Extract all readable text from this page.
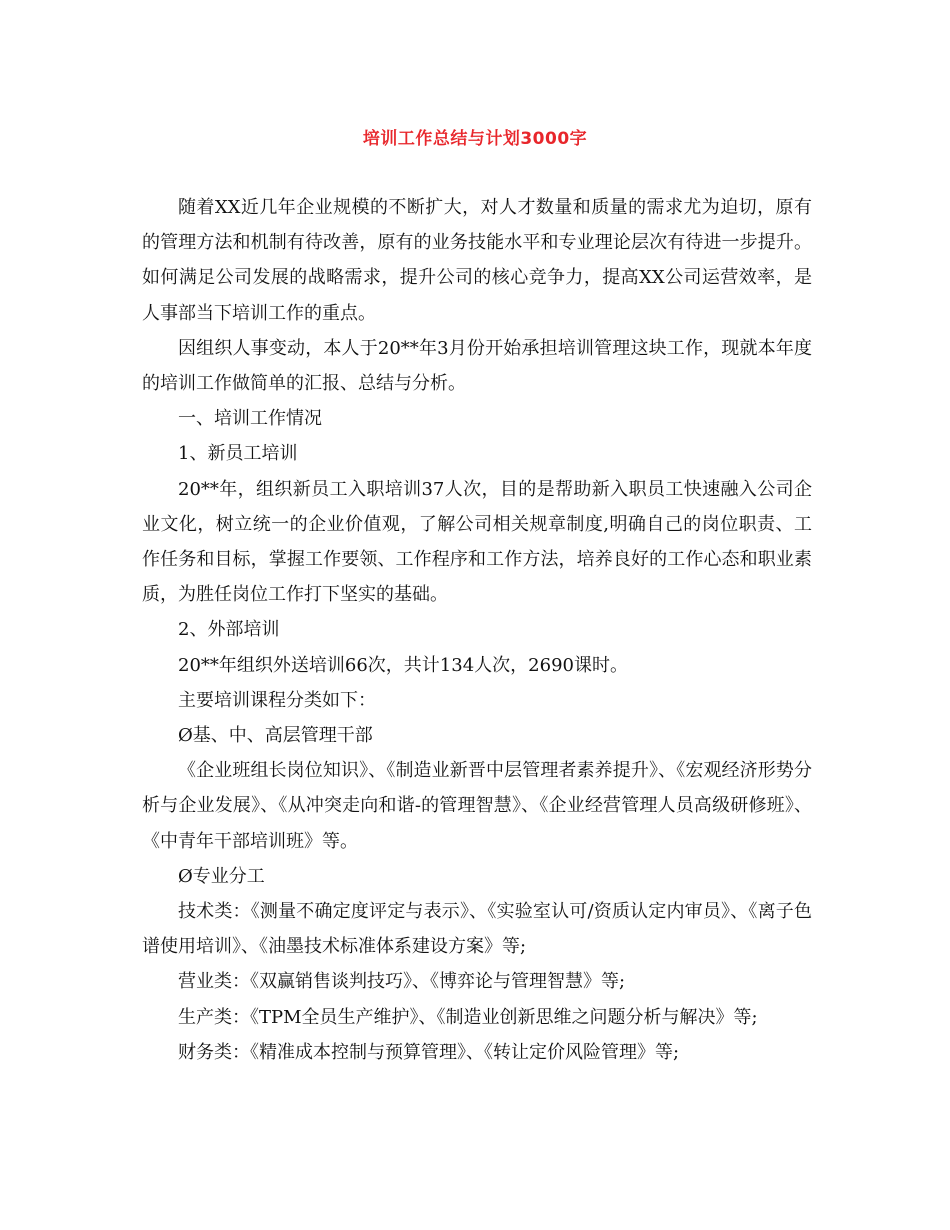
培训工作总结与计划3000字

随着XX近几年企业规模的不断扩大，对人才数量和质量的需求尤为迫切，原有的管理方法和机制有待改善，原有的业务技能水平和专业理论层次有待进一步提升。如何满足公司发展的战略需求，提升公司的核心竞争力，提高XX公司运营效率，是人事部当下培训工作的重点。

因组织人事变动，本人于20**年3月份开始承担培训管理这块工作，现就本年度的培训工作做简单的汇报、总结与分析。

一、培训工作情况

1、新员工培训

20**年，组织新员工入职培训37人次，目的是帮助新入职员工快速融入公司企业文化，树立统一的企业价值观，了解公司相关规章制度,明确自己的岗位职责、工作任务和目标，掌握工作要领、工作程序和工作方法，培养良好的工作心态和职业素质，为胜任岗位工作打下坚实的基础。

2、外部培训

20**年组织外送培训66次，共计134人次，2690课时。

主要培训课程分类如下：

Ø基、中、高层管理干部

《企业班组长岗位知识》、《制造业新晋中层管理者素养提升》、《宏观经济形势分析与企业发展》、《从冲突走向和谐-的管理智慧》、《企业经营管理人员高级研修班》、《中青年干部培训班》等。

Ø专业分工

技术类：《测量不确定度评定与表示》、《实验室认可/资质认定内审员》、《离子色谱使用培训》、《油墨技术标准体系建设方案》等;

营业类：《双赢销售谈判技巧》、《博弈论与管理智慧》等;

生产类：《TPM全员生产维护》、《制造业创新思维之问题分析与解决》等;

财务类：《精准成本控制与预算管理》、《转让定价风险管理》等;
